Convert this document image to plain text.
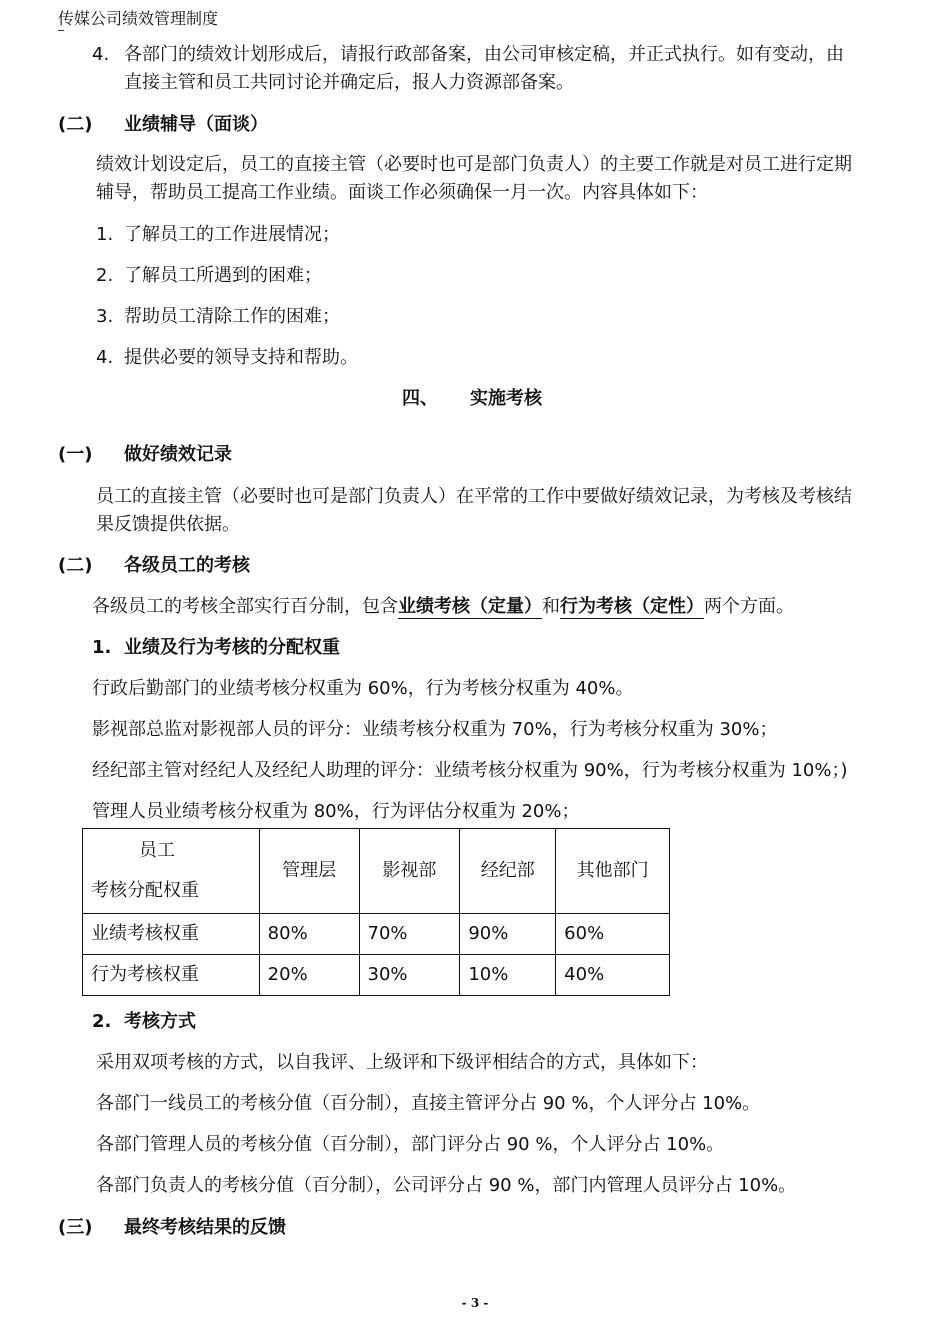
传媒公司绩效管理制度
4. 各部门的绩效计划形成后，请报行政部备案，由公司审核定稿，并正式执行。如有变动，由
直接主管和员工共同讨论并确定后，报人力资源部备案。
(二) 业绩辅导（面谈）
绩效计划设定后，员工的直接主管（必要时也可是部门负责人）的主要工作就是对员工进行定期
辅导，帮助员工提高工作业绩。面谈工作必须确保一月一次。内容具体如下：
1. 了解员工的工作进展情况；
2. 了解员工所遇到的困难；
3. 帮助员工清除工作的困难；
4. 提供必要的领导支持和帮助。
四、 实施考核
(一) 做好绩效记录
员工的直接主管（必要时也可是部门负责人）在平常的工作中要做好绩效记录，为考核及考核结
果反馈提供依据。
(二) 各级员工的考核
各级员工的考核全部实行百分制，包含业绩考核（定量）和行为考核（定性）两个方面。
1. 业绩及行为考核的分配权重
行政后勤部门的业绩考核分权重为 60%，行为考核分权重为 40%。
影视部总监对影视部人员的评分：业绩考核分权重为 70%，行为考核分权重为 30%；
经纪部主管对经纪人及经纪人助理的评分：业绩考核分权重为 90%，行为考核分权重为 10%；)
管理人员业绩考核分权重为 80%，行为评估分权重为 20%；
员工
考核分配权重	管理层	影视部	经纪部	其他部门
业绩考核权重	80%	70%	90%	60%
行为考核权重	20%	30%	10%	40%
2. 考核方式
采用双项考核的方式，以自我评、上级评和下级评相结合的方式，具体如下：
各部门一线员工的考核分值（百分制），直接主管评分占 90 %，个人评分占 10%。
各部门管理人员的考核分值（百分制），部门评分占 90 %，个人评分占 10%。
各部门负责人的考核分值（百分制），公司评分占 90 %，部门内管理人员评分占 10%。
(三) 最终考核结果的反馈
- 3 -
